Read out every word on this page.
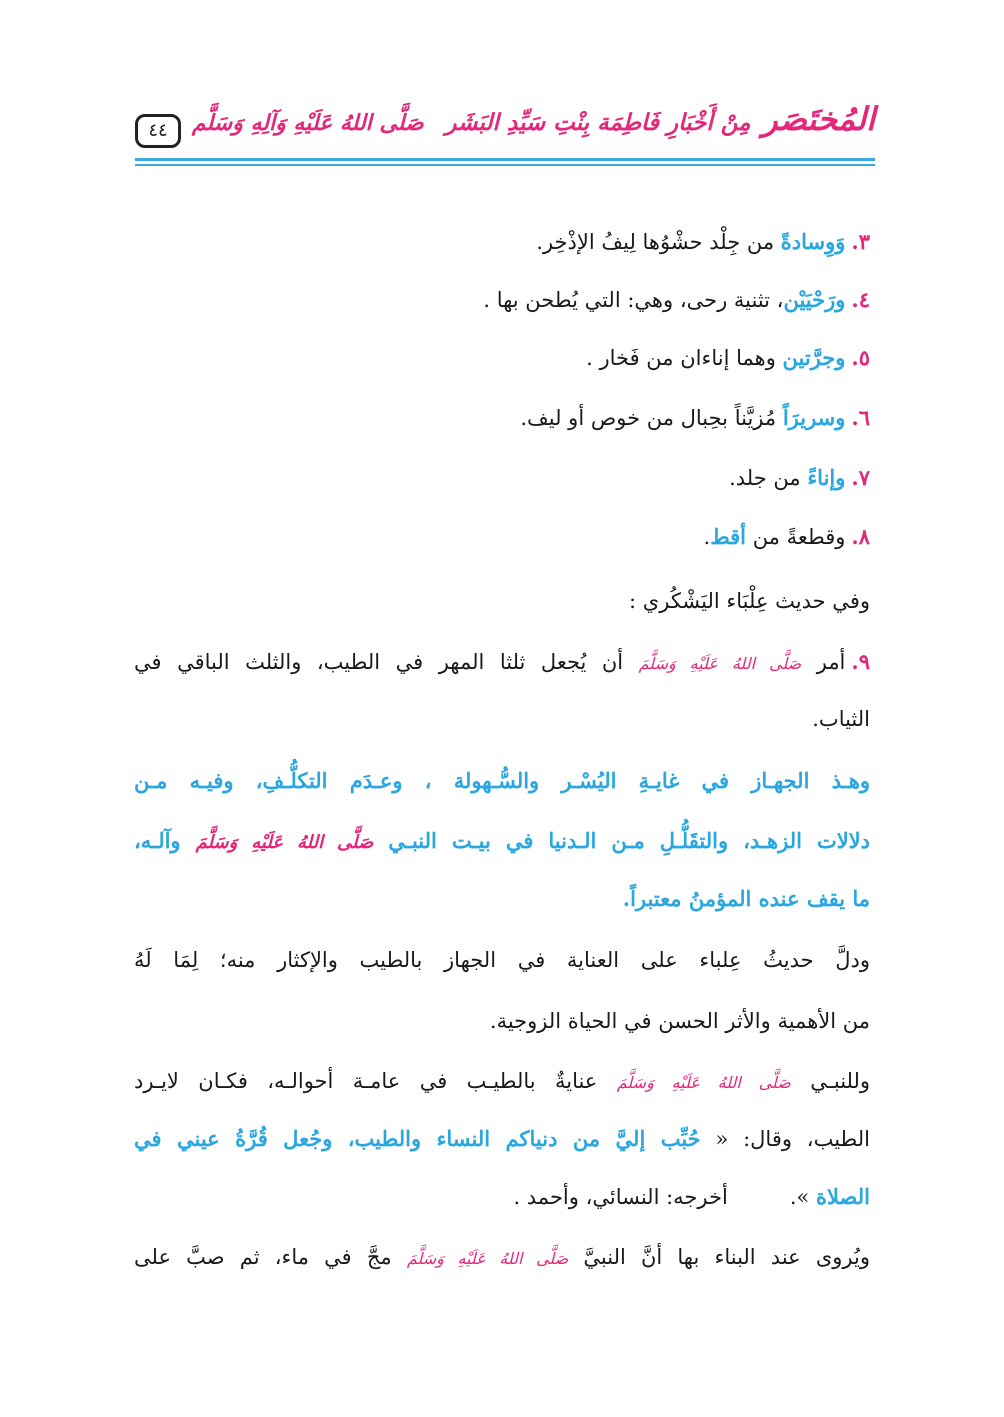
٤٤	المُختَصَر مِنْ أَخْبَارِ فَاطِمَة بِنْتِ سَيِّدِ البَشَر صَلَّى اللهُ عَلَيْهِ وَآلِهِ وَسَلَّم
٣.وَوِسادةً من جِلْد حشْوُها لِيفُ الإذْخِر.
٤.ورَحْيَيْن، تثنية رحى، وهي: التي يُطحن بها .
٥.وجرَّتين وهما إناءان من فَخار .
٦.وسريرَاً مُزيَّناً بحِبال من خوص أو ليف.
٧.وإناءً من جلد.
٨.وقطعةً من أقط.
وفي حديث عِلْبَاء اليَشْكُري :
٩.أمر صَلَّى اللهُ عَلَيْهِ وَسَلَّمَ أن يُجعل ثلثا المهر في الطيب، والثلث الباقي في
الثياب.
وهـذ الجهـاز في غايـةِ اليُسْـر والسُّـهولة ، وعـدَم التكلُّـفِ، وفيـه مـن
دلالات الزهـد، والتقَلُّـلِ مـن الـدنيا في بيـت النبـي صَلَّى اللهُ عَلَيْهِ وَسَلَّمَ وآلـه،
ما يقف عنده المؤمنُ معتبراً.
ودلَّ حديثُ عِلباء على العناية في الجهاز بالطيب والإكثار منه؛ لِمَا لَهُ
من الأهمية والأثر الحسن في الحياة الزوجية.
وللنبـي صَلَّى اللهُ عَلَيْهِ وَسَلَّمَ عنايةٌ بالطيـب في عامـة أحوالـه، فكـان لايـرد
الطيب، وقال: « حُبِّب إليَّ من دنياكم النساء والطيب، وجُعل قُرَّةُ عيني في
الصلاة ».أخرجه: النسائي، وأحمد .
ويُروى عند البناء بها أنَّ النبيَّ صَلَّى اللهُ عَلَيْهِ وَسَلَّمَ مجَّ في ماء، ثم صبَّ على
